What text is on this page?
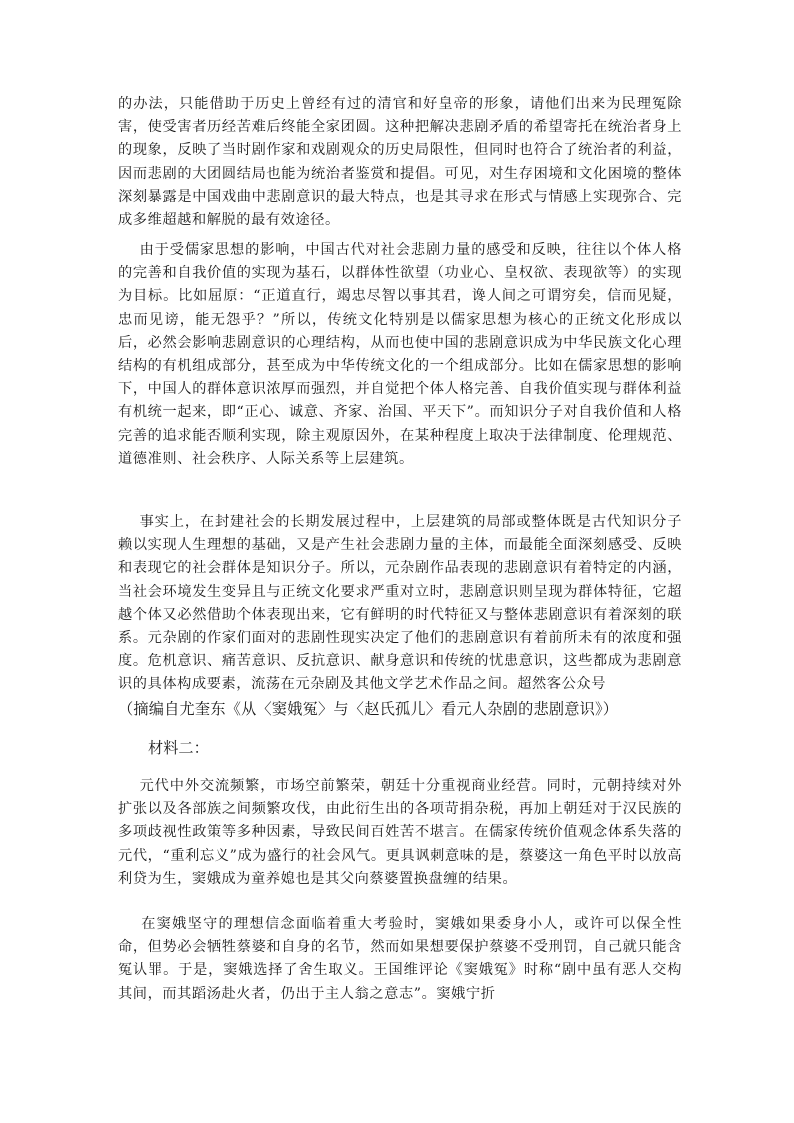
的办法，只能借助于历史上曾经有过的清官和好皇帝的形象，请他们出来为民理冤除害，使受害者历经苦难后终能全家团圆。这种把解决悲剧矛盾的希望寄托在统治者身上的现象，反映了当时剧作家和戏剧观众的历史局限性，但同时也符合了统治者的利益，因而悲剧的大团圆结局也能为统治者鉴赏和提倡。可见，对生存困境和文化困境的整体深刻暴露是中国戏曲中悲剧意识的最大特点，也是其寻求在形式与情感上实现弥合、完成多维超越和解脱的最有效途径。

由于受儒家思想的影响，中国古代对社会悲剧力量的感受和反映，往往以个体人格的完善和自我价值的实现为基石，以群体性欲望（功业心、皇权欲、表现欲等）的实现为目标。比如屈原：“正道直行，竭忠尽智以事其君，谗人间之可谓穷矣，信而见疑，忠而见谤，能无怨乎？”所以，传统文化特别是以儒家思想为核心的正统文化形成以后，必然会影响悲剧意识的心理结构，从而也使中国的悲剧意识成为中华民族文化心理结构的有机组成部分，甚至成为中华传统文化的一个组成部分。比如在儒家思想的影响下，中国人的群体意识浓厚而强烈，并自觉把个体人格完善、自我价值实现与群体利益有机统一起来，即“正心、诚意、齐家、治国、平天下”。而知识分子对自我价值和人格完善的追求能否顺利实现，除主观原因外，在某种程度上取决于法律制度、伦理规范、道德准则、社会秩序、人际关系等上层建筑。

事实上，在封建社会的长期发展过程中，上层建筑的局部或整体既是古代知识分子赖以实现人生理想的基础，又是产生社会悲剧力量的主体，而最能全面深刻感受、反映和表现它的社会群体是知识分子。所以，元杂剧作品表现的悲剧意识有着特定的内涵，当社会环境发生变异且与正统文化要求严重对立时，悲剧意识则呈现为群体特征，它超越个体又必然借助个体表现出来，它有鲜明的时代特征又与整体悲剧意识有着深刻的联系。元杂剧的作家们面对的悲剧性现实决定了他们的悲剧意识有着前所未有的浓度和强度。危机意识、痛苦意识、反抗意识、献身意识和传统的忧患意识，这些都成为悲剧意识的具体构成要素，流荡在元杂剧及其他文学艺术作品之间。超然客公众号

（摘编自尤奎东《从〈窦娥冤〉与〈赵氏孤儿〉看元人杂剧的悲剧意识》）

材料二：

元代中外交流频繁，市场空前繁荣，朝廷十分重视商业经营。同时，元朝持续对外扩张以及各部族之间频繁攻伐，由此衍生出的各项苛捐杂税，再加上朝廷对于汉民族的多项歧视性政策等多种因素，导致民间百姓苦不堪言。在儒家传统价值观念体系失落的元代，“重利忘义”成为盛行的社会风气。更具讽刺意味的是，蔡婆这一角色平时以放高利贷为生，窦娥成为童养媳也是其父向蔡婆置换盘缠的结果。

在窦娥坚守的理想信念面临着重大考验时，窦娥如果委身小人，或许可以保全性命，但势必会牺牲蔡婆和自身的名节，然而如果想要保护蔡婆不受刑罚，自己就只能含冤认罪。于是，窦娥选择了舍生取义。王国维评论《窦娥冤》时称“剧中虽有恶人交构其间，而其蹈汤赴火者，仍出于主人翁之意志”。窦娥宁折
